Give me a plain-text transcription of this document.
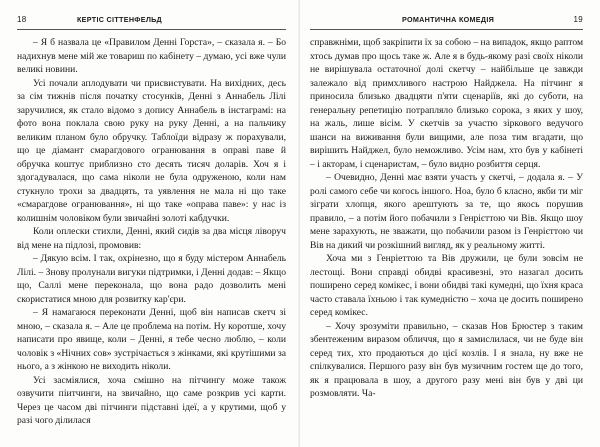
18	КЕРТІС СІТТЕНФЕЛЬД

– Я б назвала це «Правилом Денні Горста», – сказала я. – Бо надихнув мене мій же товариш по кабінету – думаю, усі вже чули великі новини.

Усі почали аплодувати чи присвистувати. На вихідних, десь за сім тижнів після початку стосунків, Денні з Аннабель Лілі заручилися, як стало відомо з допису Аннабель в інстаграмі: на фото вона поклала свою руку на руку Денні, а на пальчику великим планом було обручку. Таблоїди відразу ж порахували, що це діамант смарагдового огранювання в оправі паве й обручка коштує приблизно сто десять тисяч доларів. Хоч я і здогадувалася, що сама ніколи не була одруженою, коли нам стукнуло трохи за двадцять, та уявлення не мала ні що таке «смарагдове огранювання», ні що таке «оправа паве»: у нас із колишнім чоловіком були звичайні золоті кабдучки.

Коли оплески стихли, Денні, який сидів за два місця ліворуч від мене на підлозі, промовив:

– Дякую всім. І так, охрінезно, що я буду містером Аннабель Лілі. – Знову пролунали вигуки підтримки, і Денні додав: – Якщо що, Саллі мене переконала, що вона радо дозволить мені скористатися мною для розвитку кар'єри.

– Я намагаюся переконати Денні, щоб він написав скетч зі мною, – сказала я. – Але це проблема на потім. Ну коротше, хочу написати про явище, коли – Денні, я тебе чесно люблю, – коли чоловік з «Нічних сов» зустрічається з жінками, які крутішими за нього, а з жінкою не виходить ніколи.

Усі засміялися, хоча смішно на пітчингу може також озвучити піитчинги, на звичайно, що саме розкрив усі карти. Через це часом дві пітчинги підставні ідеї, а у крутими, щоб у разі чого ділилася

РОМАНТИЧНА КОМЕДІЯ	19

справжніми, щоб закріпити їх за собою – на випадок, якщо раптом хтось думав про щось таке ж. Але я в будь-якому разі своїх ніколи не вирішувала остаточної долі скетчу – найбільше це завжди залежало від примхливого настрою Найджела. На пітчинг я приносила близько двадцяти п'яти сценаріїв, які до суботи, на генеральну репетицію потрапляло близько сорока, з яких у шоу, на жаль, лише вісім. У скетчів за участю зіркового ведучого шанси на виживання були вищими, але поза тим вгадати, що вирішить Найджел, було неможливо. Усім нам, хто був у кабінеті – і акторам, і сценаристам, – було видно розбиття серця.

– Очевидно, Денні має взяти участь у скетчі, – додала я. – У ролі самого себе чи когось іншого. Ноа, було б класно, якби ти міг зіграти хлопця, якого арештують за те, що якось порушив правило, – а потім його побачили з Генрієттою чи Вів. Якщо шоу мене зарахують, не зважати, що побачили разом із Генрієттою чи Вів на дикий чи розкішний вигляд, як у реальному житті.

Хоча ми з Генріеттою та Вів дружили, це були зовсім не лестощі. Вони справді обидві красивезні, это назагал досить поширено серед комікес, і вони обидві такі кумедні, що їхня краса часто ставала їхньою і так кумедністю – хоча це досить поширено серед комікес.

– Хочу зрозуміти правильно, – сказав Нов Брюстер з таким збентеженим виразом обличчя, що я замислилася, чи не буде він серед тих, хто продаються до цієї козлів. І я знала, ну вже не спілкувалися. Першого разу він був музичним гостем ще до того, як я працювала в шоу, а другого разу мені він був у дві ци розмовляти. Ча-
